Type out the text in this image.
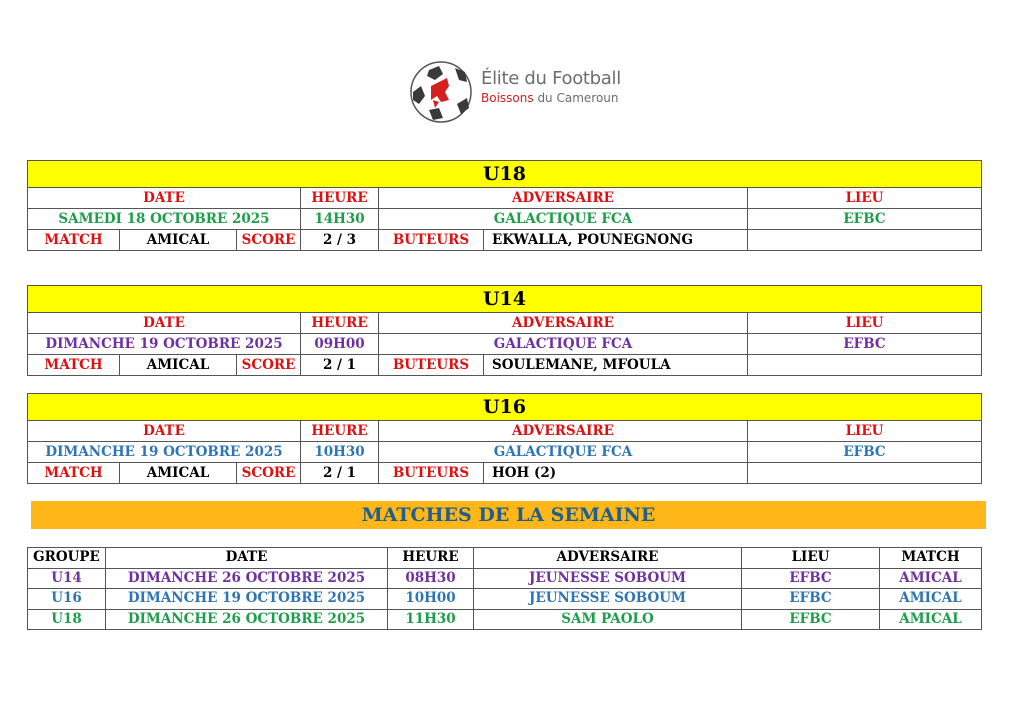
Élite du Football
Boissons du Cameroun
U18
DATE	HEURE	ADVERSAIRE	LIEU
SAMEDI 18 OCTOBRE 2025	14H30	GALACTIQUE FCA	EFBC
MATCH	AMICAL	SCORE	2 / 3	BUTEURS	EKWALLA, POUNEGNONG
U14
DATE	HEURE	ADVERSAIRE	LIEU
DIMANCHE 19 OCTOBRE 2025	09H00	GALACTIQUE FCA	EFBC
MATCH	AMICAL	SCORE	2 / 1	BUTEURS	SOULEMANE, MFOULA
U16
DATE	HEURE	ADVERSAIRE	LIEU
DIMANCHE 19 OCTOBRE 2025	10H30	GALACTIQUE FCA	EFBC
MATCH	AMICAL	SCORE	2 / 1	BUTEURS	HOH (2)
MATCHES DE LA SEMAINE
GROUPE	DATE	HEURE	ADVERSAIRE	LIEU	MATCH
U14	DIMANCHE 26 OCTOBRE 2025	08H30	JEUNESSE SOBOUM	EFBC	AMICAL
U16	DIMANCHE 19 OCTOBRE 2025	10H00	JEUNESSE SOBOUM	EFBC	AMICAL
U18	DIMANCHE 26 OCTOBRE 2025	11H30	SAM PAOLO	EFBC	AMICAL
